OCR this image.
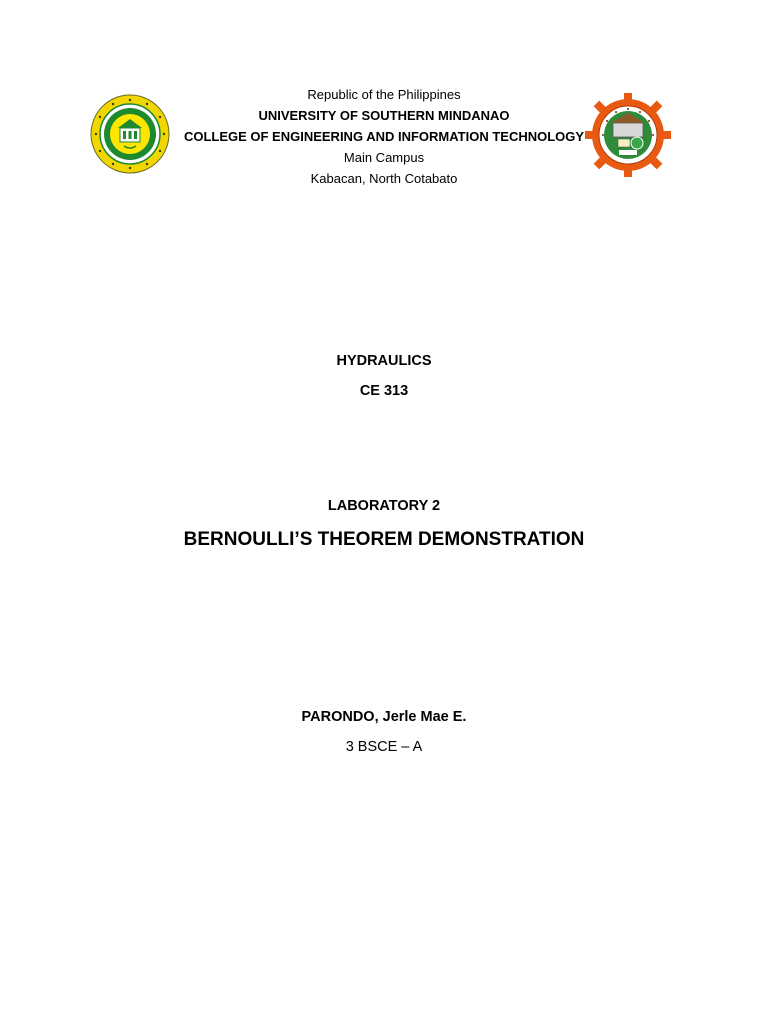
Republic of the Philippines
UNIVERSITY OF SOUTHERN MINDANAO
COLLEGE OF ENGINEERING AND INFORMATION TECHNOLOGY
Main Campus
Kabacan, North Cotabato
HYDRAULICS
CE 313
LABORATORY 2
BERNOULLI’S THEOREM DEMONSTRATION
PARONDO, Jerle Mae E.
3 BSCE – A
